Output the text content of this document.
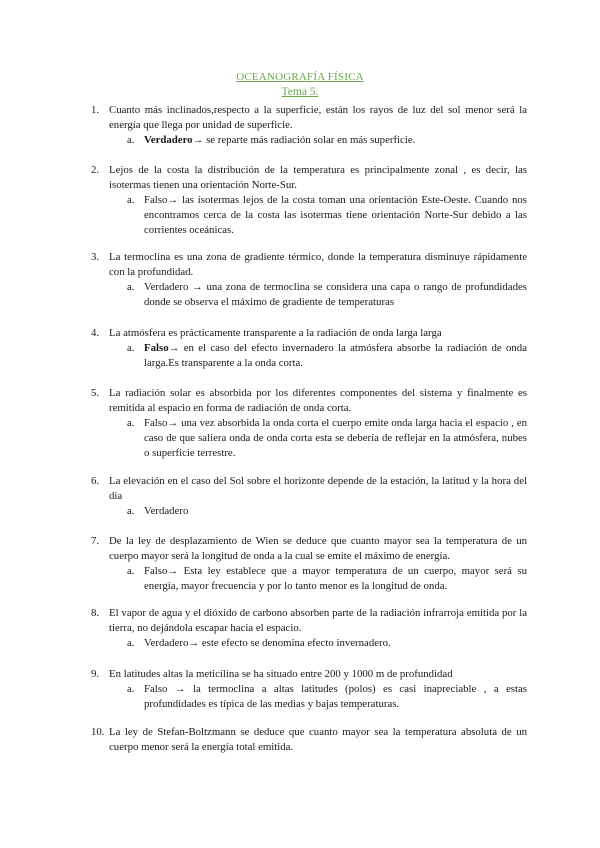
OCEANOGRAFÍA FÍSICA
Tema 5.
1. Cuanto más inclinados,respecto a la superficie, están los rayos de luz del sol menor será la energía que llega por unidad de superficie.
a. Verdadero→ se reparte más radiación solar en más superficie.
2. Lejos de la costa la distribución de la temperatura es principalmente zonal , es decir, las isotermas tienen una orientación Norte-Sur.
a. Falso→ las isotermas lejos de la costa toman una orientación Este-Oeste. Cuando nos encontramos cerca de la costa las isotermas tiene orientación Norte-Sur debido a las corrientes oceánicas.
3. La termoclina es una zona de gradiente térmico, donde la temperatura disminuye rápidamente con la profundidad.
a. Verdadero → una zona de termoclina se considera una capa o rango de profundidades donde se observa el máximo de gradiente de temperaturas
4. La atmósfera es prácticamente transparente a la radiación de onda larga larga
a. Falso→ en el caso del efecto invernadero la atmósfera absorbe la radiación de onda larga.Es transparente a la onda corta.
5. La radiación solar es absorbida por los diferentes componentes del sistema y finalmente es remitida al espacio en forma de radiación de onda corta.
a. Falso→ una vez absorbida la onda corta el cuerpo emite onda larga hacia el espacio , en caso de que saliera onda de onda corta esta se debería de reflejar en la atmósfera, nubes o superficie terrestre.
6. La elevación en el caso del Sol sobre el horizonte depende de la estación, la latitud y la hora del día
a. Verdadero
7. De la ley de desplazamiento de Wien se deduce que cuanto mayor sea la temperatura de un cuerpo mayor será la longitud de onda a la cual se emite el máximo de energía.
a. Falso→ Esta ley establece que a mayor temperatura de un cuerpo, mayor será su energía, mayor frecuencia y por lo tanto menor es la longitud de onda.
8. El vapor de agua y el dióxido de carbono absorben parte de la radiación infrarroja emitida por la tierra, no dejándola escapar hacia el espacio.
a. Verdadero→ este efecto se denomina efecto invernadero.
9. En latitudes altas la meticilina se ha situado entre 200 y 1000 m de profundidad
a. Falso → la termoclina a altas latitudes (polos) es casi inapreciable , a estas profundidades es típica de las medias y bajas temperaturas.
10. La ley de Stefan-Boltzmann se deduce que cuanto mayor sea la temperatura absoluta de un cuerpo menor será la energía total emitida.
